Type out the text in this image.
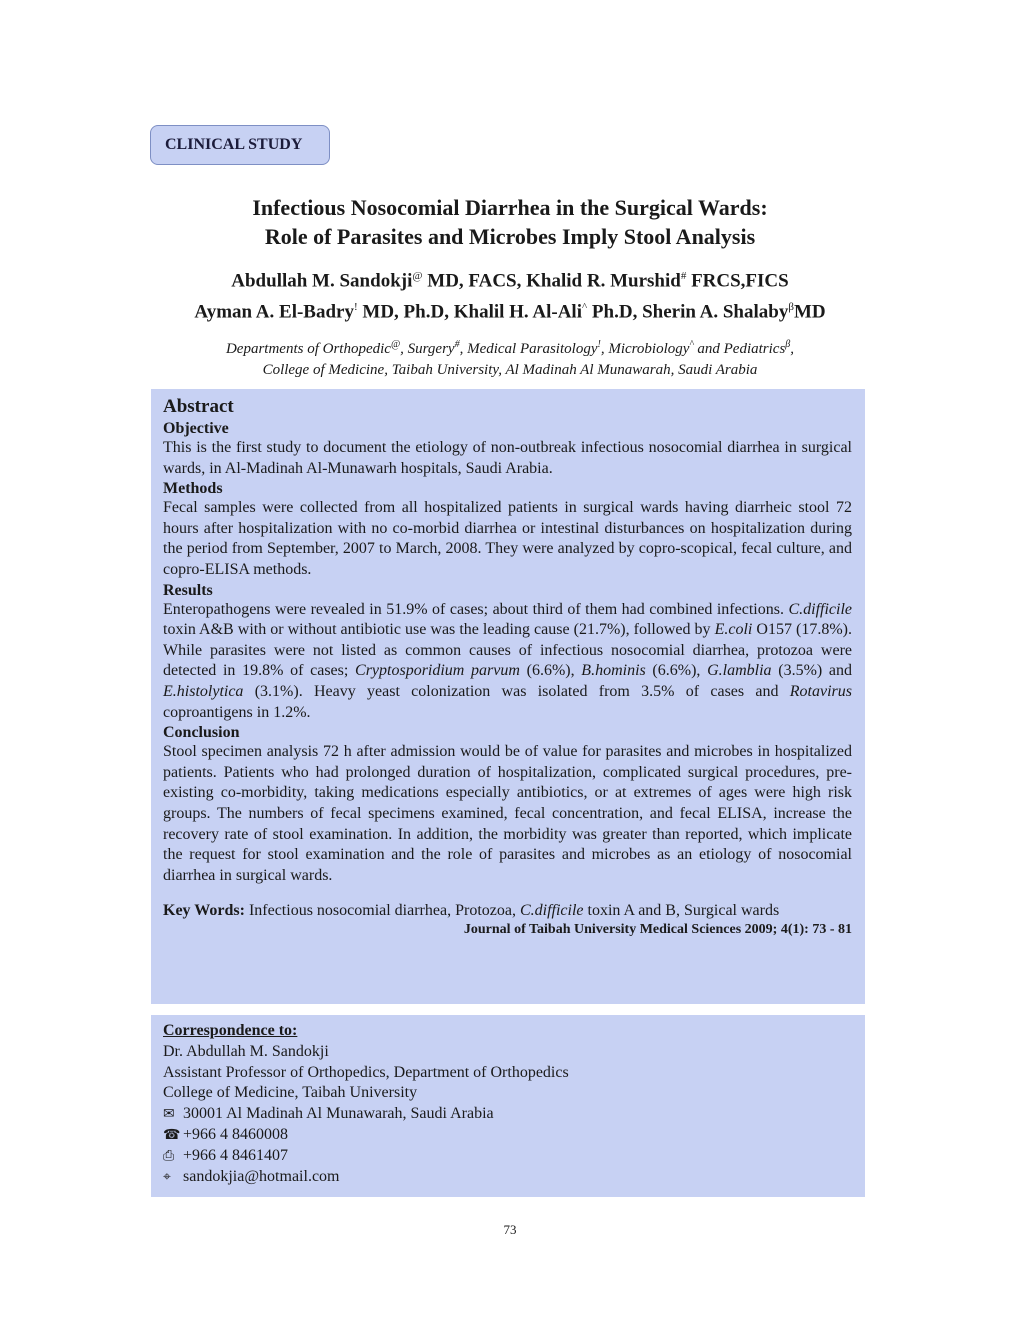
CLINICAL STUDY
Infectious Nosocomial Diarrhea in the Surgical Wards:
Role of Parasites and Microbes Imply Stool Analysis
Abdullah M. Sandokji@ MD, FACS, Khalid R. Murshid# FRCS,FICS
Ayman A. El-Badry! MD, Ph.D, Khalil H. Al-Ali^ Ph.D, Sherin A. Shalaby$^\beta$MD
Departments of Orthopedic@, Surgery#, Medical Parasitology!, Microbiology^ and Pediatrics$^\beta$,
College of Medicine, Taibah University, Al Madinah Al Munawarah, Saudi Arabia

Abstract

Objective

This is the first study to document the etiology of non-outbreak infectious nosocomial diarrhea in surgical wards, in Al-Madinah Al-Munawarh hospitals, Saudi Arabia.

Methods

Fecal samples were collected from all hospitalized patients in surgical wards having diarrheic stool 72 hours after hospitalization with no co-morbid diarrhea or intestinal disturbances on hospitalization during the period from September, 2007 to March, 2008. They were analyzed by copro-scopical, fecal culture, and copro-ELISA methods.

Results

Enteropathogens were revealed in 51.9% of cases; about third of them had combined infections. C.difficile toxin A&B with or without antibiotic use was the leading cause (21.7%), followed by E.coli O157 (17.8%). While parasites were not listed as common causes of infectious nosocomial diarrhea, protozoa were detected in 19.8% of cases; Cryptosporidium parvum (6.6%), B.hominis (6.6%), G.lamblia (3.5%) and E.histolytica (3.1%). Heavy yeast colonization was isolated from 3.5% of cases and Rotavirus coproantigens in 1.2%.

Conclusion

Stool specimen analysis 72 h after admission would be of value for parasites and microbes in hospitalized patients. Patients who had prolonged duration of hospitalization, complicated surgical procedures, pre-existing co-morbidity, taking medications especially antibiotics, or at extremes of ages were high risk groups. The numbers of fecal specimens examined, fecal concentration, and fecal ELISA, increase the recovery rate of stool examination. In addition, the morbidity was greater than reported, which implicate the request for stool examination and the role of parasites and microbes as an etiology of nosocomial diarrhea in surgical wards.

Key Words: Infectious nosocomial diarrhea, Protozoa, C.difficile toxin A and B, Surgical wards
Journal of Taibah University Medical Sciences 2009; 4(1): 73 - 81
Correspondence to:
Dr. Abdullah M. Sandokji
Assistant Professor of Orthopedics, Department of Orthopedics
College of Medicine, Taibah University
✉ 30001 Al Madinah Al Munawarah, Saudi Arabia
☎ +966 4 8460008
⎙ +966 4 8461407
⌖ sandokjia@hotmail.com
73
